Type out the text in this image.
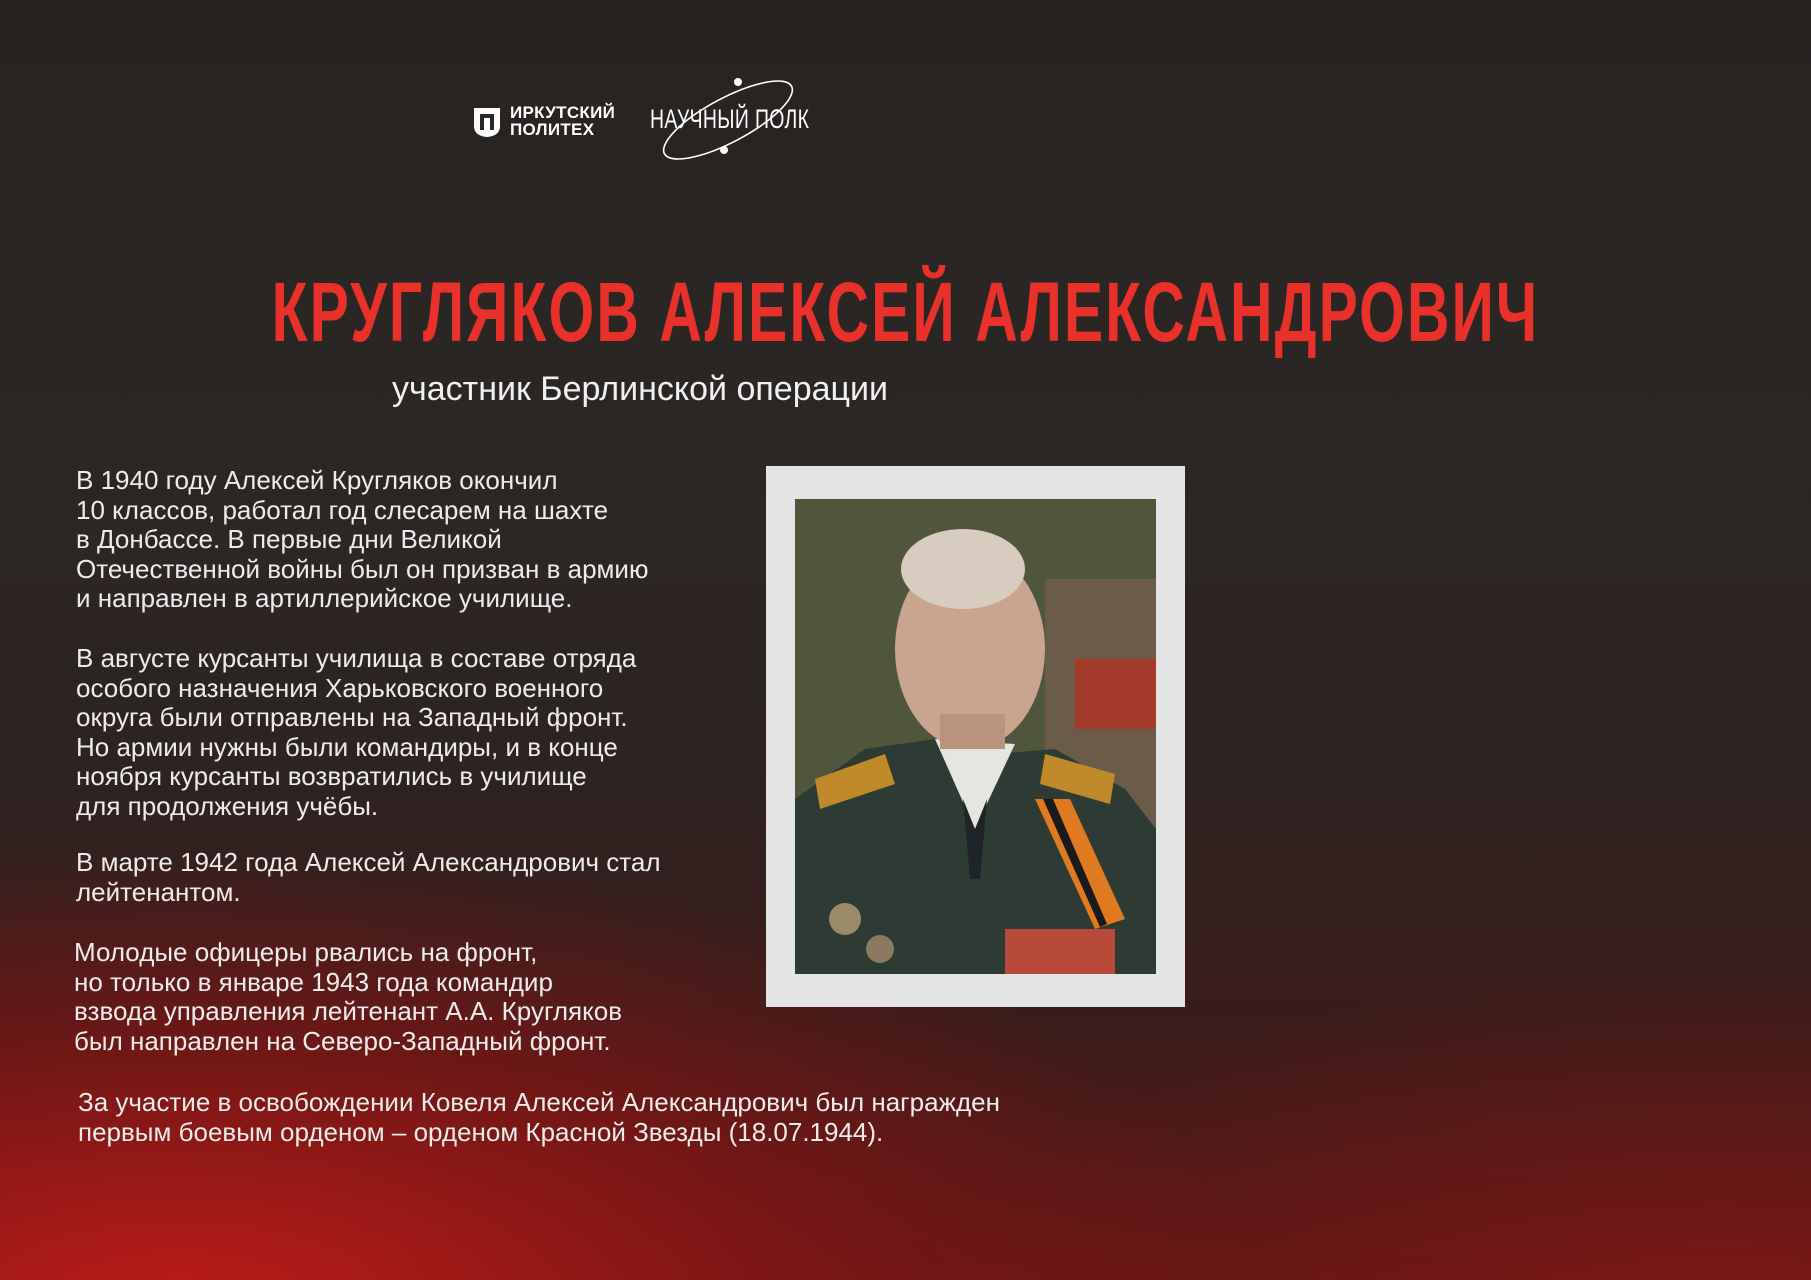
ИРКУТСКИЙ
ПОЛИТЕХ	НАУЧНЫЙ ПОЛК
КРУГЛЯКОВ АЛЕКСЕЙ АЛЕКСАНДРОВИЧ
участник Берлинской операции

В 1940 году Алексей Кругляков окончил
10 классов, работал год слесарем на шахте
в Донбассе. В первые дни Великой
Отечественной войны был он призван в армию
и направлен в артиллерийское училище.

В августе курсанты училища в составе отряда
особого назначения Харьковского военного
округа были отправлены на Западный фронт.
Но армии нужны были командиры, и в конце
ноября курсанты возвратились в училище
для продолжения учёбы.

В марте 1942 года Алексей Александрович стал
лейтенантом.

Молодые офицеры рвались на фронт,
но только в январе 1943 года командир
взвода управления лейтенант А.А. Кругляков
был направлен на Северо-Западный фронт.

За участие в освобождении Ковеля Алексей Александрович был награжден
первым боевым орденом – орденом Красной Звезды (18.07.1944).
